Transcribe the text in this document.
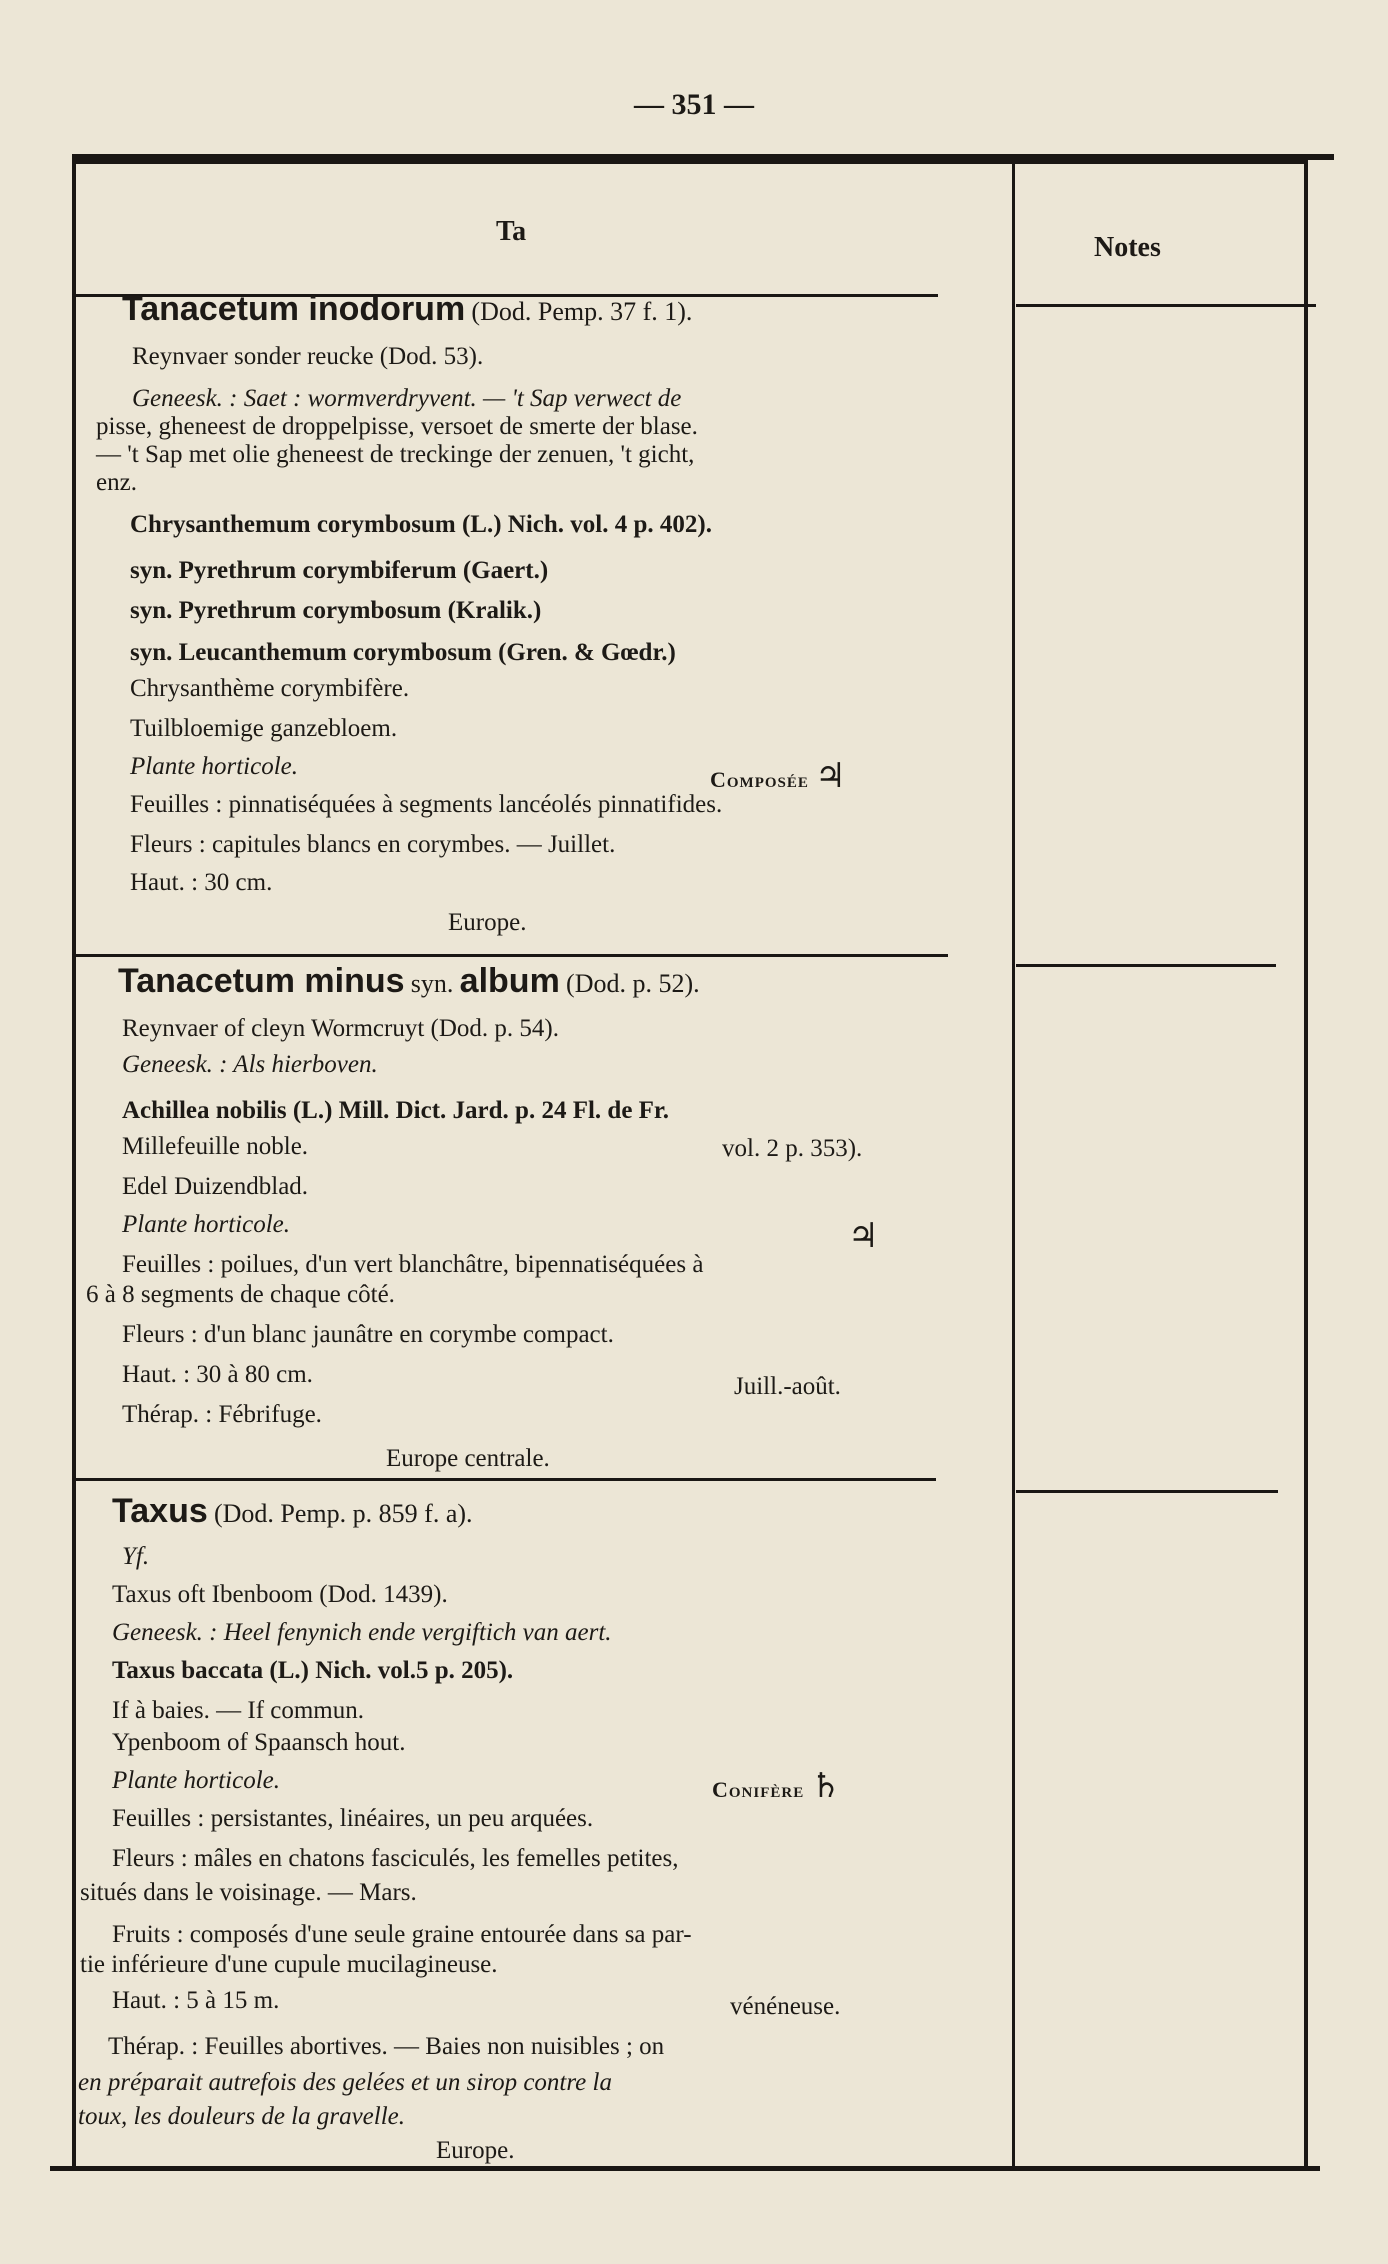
— 351 —
Ta
Notes
Tanacetum inodorum (Dod. Pemp. 37 f. 1).
Reynvaer sonder reucke (Dod. 53).
Geneesk. : Saet : wormverdryvent. — 't Sap verwect de
pisse, gheneest de droppelpisse, versoet de smerte der blase.
— 't Sap met olie gheneest de treckinge der zenuen, 't gicht,
enz.
Chrysanthemum corymbosum (L.) Nich. vol. 4 p. 402).
syn. Pyrethrum corymbiferum (Gaert.)
syn. Pyrethrum corymbosum (Kralik.)
syn. Leucanthemum corymbosum (Gren. & Gœdr.)
Chrysanthème corymbifère.
Tuilbloemige ganzebloem.
Plante horticole.	Composée ♃
Feuilles : pinnatiséquées à segments lancéolés pinnatifides.
Fleurs : capitules blancs en corymbes. — Juillet.
Haut. : 30 cm.
Europe.
Tanacetum minus syn. album (Dod. p. 52).
Reynvaer of cleyn Wormcruyt (Dod. p. 54).
Geneesk. : Als hierboven.
Achillea nobilis (L.) Mill. Dict. Jard. p. 24 Fl. de Fr.
vol. 2 p. 353).
Millefeuille noble.
Edel Duizendblad.
Plante horticole.	♃
Feuilles : poilues, d'un vert blanchâtre, bipennatiséquées à
6 à 8 segments de chaque côté.
Fleurs : d'un blanc jaunâtre en corymbe compact.
Haut. : 30 à 80 cm.	Juill.-août.
Thérap. : Fébrifuge.
Europe centrale.
Taxus (Dod. Pemp. p. 859 f. a).
Yf.
Taxus oft Ibenboom (Dod. 1439).
Geneesk. : Heel fenynich ende vergiftich van aert.
Taxus baccata (L.) Nich. vol.5 p. 205).
If à baies. — If commun.
Ypenboom of Spaansch hout.
Plante horticole.	Conifère ♄
Feuilles : persistantes, linéaires, un peu arquées.
Fleurs : mâles en chatons fasciculés, les femelles petites,
situés dans le voisinage. — Mars.
Fruits : composés d'une seule graine entourée dans sa par-
tie inférieure d'une cupule mucilagineuse.
Haut. : 5 à 15 m.	vénéneuse.
Thérap. : Feuilles abortives. — Baies non nuisibles ; on
en préparait autrefois des gelées et un sirop contre la
toux, les douleurs de la gravelle.
Europe.
